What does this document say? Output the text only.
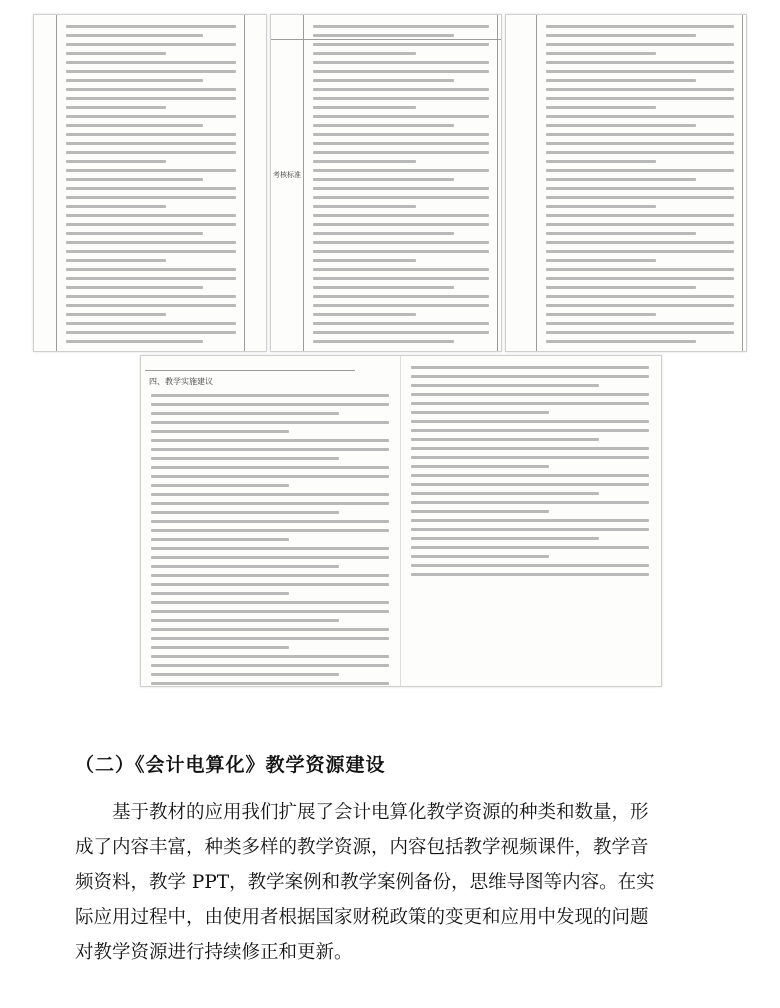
考核标准
四、教学实施建议
（二）《会计电算化》教学资源建设
基于教材的应用我们扩展了会计电算化教学资源的种类和数量，形
成了内容丰富，种类多样的教学资源，内容包括教学视频课件，教学音
频资料，教学 PPT，教学案例和教学案例备份，思维导图等内容。在实
际应用过程中，由使用者根据国家财税政策的变更和应用中发现的问题
对教学资源进行持续修正和更新。
